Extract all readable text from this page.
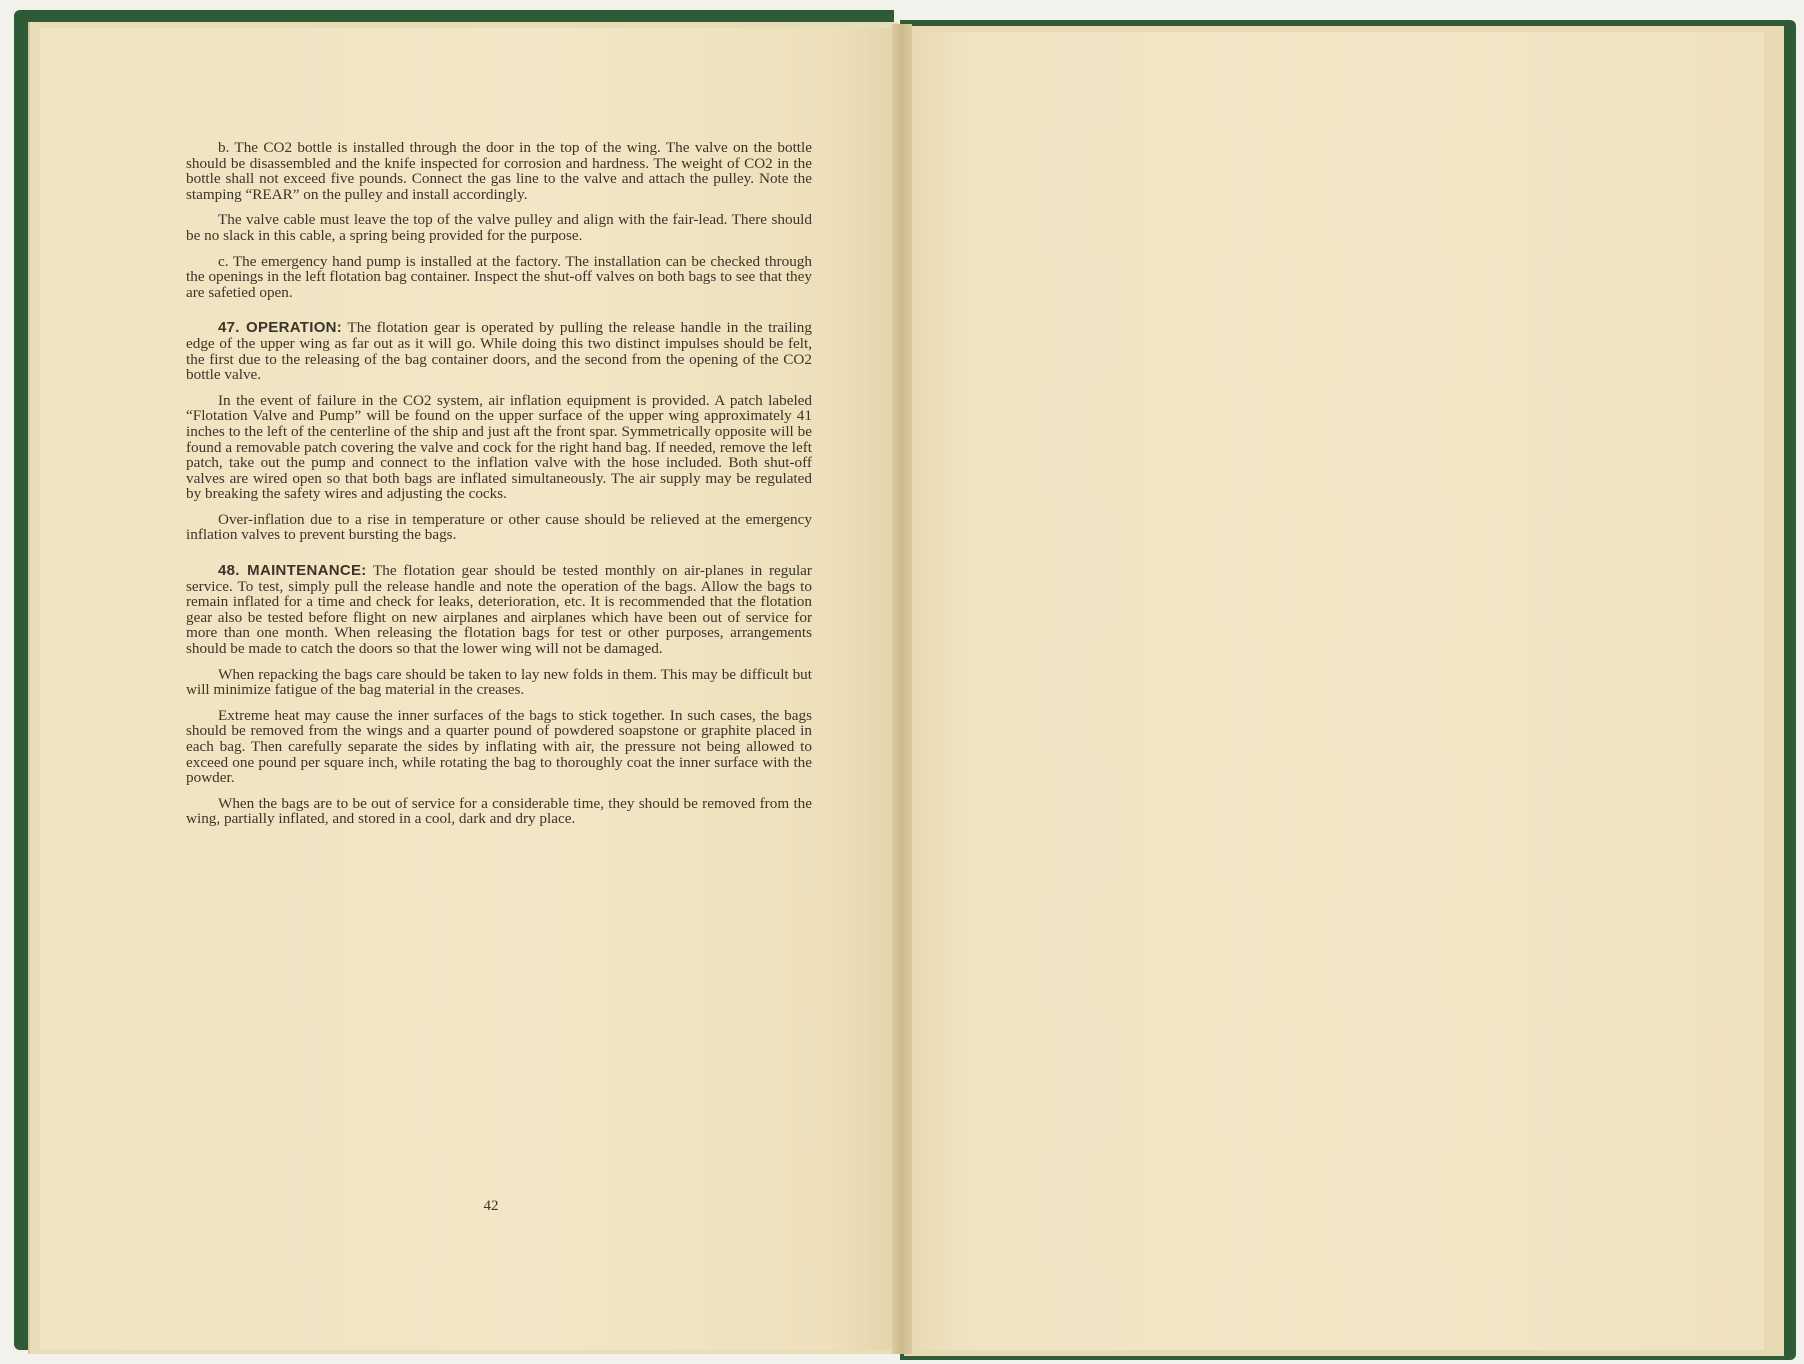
b. The CO2 bottle is installed through the door in the top of the wing. The valve on the bottle should be disassembled and the knife inspected for corrosion and hardness. The weight of CO2 in the bottle shall not exceed five pounds. Connect the gas line to the valve and attach the pulley. Note the stamping “REAR” on the pulley and install accordingly.

The valve cable must leave the top of the valve pulley and align with the fair-lead. There should be no slack in this cable, a spring being provided for the purpose.

c. The emergency hand pump is installed at the factory. The installation can be checked through the openings in the left flotation bag container. Inspect the shut-off valves on both bags to see that they are safetied open.

47. OPERATION: The flotation gear is operated by pulling the release handle in the trailing edge of the upper wing as far out as it will go. While doing this two distinct impulses should be felt, the first due to the releasing of the bag container doors, and the second from the opening of the CO2 bottle valve.

In the event of failure in the CO2 system, air inflation equipment is provided. A patch labeled “Flotation Valve and Pump” will be found on the upper surface of the upper wing approximately 41 inches to the left of the centerline of the ship and just aft the front spar. Symmetrically opposite will be found a removable patch covering the valve and cock for the right hand bag. If needed, remove the left patch, take out the pump and connect to the inflation valve with the hose included. Both shut-off valves are wired open so that both bags are inflated simultaneously. The air supply may be regulated by breaking the safety wires and adjusting the cocks.

Over-inflation due to a rise in temperature or other cause should be relieved at the emergency inflation valves to prevent bursting the bags.

48. MAINTENANCE: The flotation gear should be tested monthly on air-planes in regular service. To test, simply pull the release handle and note the operation of the bags. Allow the bags to remain inflated for a time and check for leaks, deterioration, etc. It is recommended that the flotation gear also be tested before flight on new airplanes and airplanes which have been out of service for more than one month. When releasing the flotation bags for test or other purposes, arrangements should be made to catch the doors so that the lower wing will not be damaged.

When repacking the bags care should be taken to lay new folds in them. This may be difficult but will minimize fatigue of the bag material in the creases.

Extreme heat may cause the inner surfaces of the bags to stick together. In such cases, the bags should be removed from the wings and a quarter pound of powdered soapstone or graphite placed in each bag. Then carefully separate the sides by inflating with air, the pressure not being allowed to exceed one pound per square inch, while rotating the bag to thoroughly coat the inner surface with the powder.

When the bags are to be out of service for a considerable time, they should be removed from the wing, partially inflated, and stored in a cool, dark and dry place.

42
